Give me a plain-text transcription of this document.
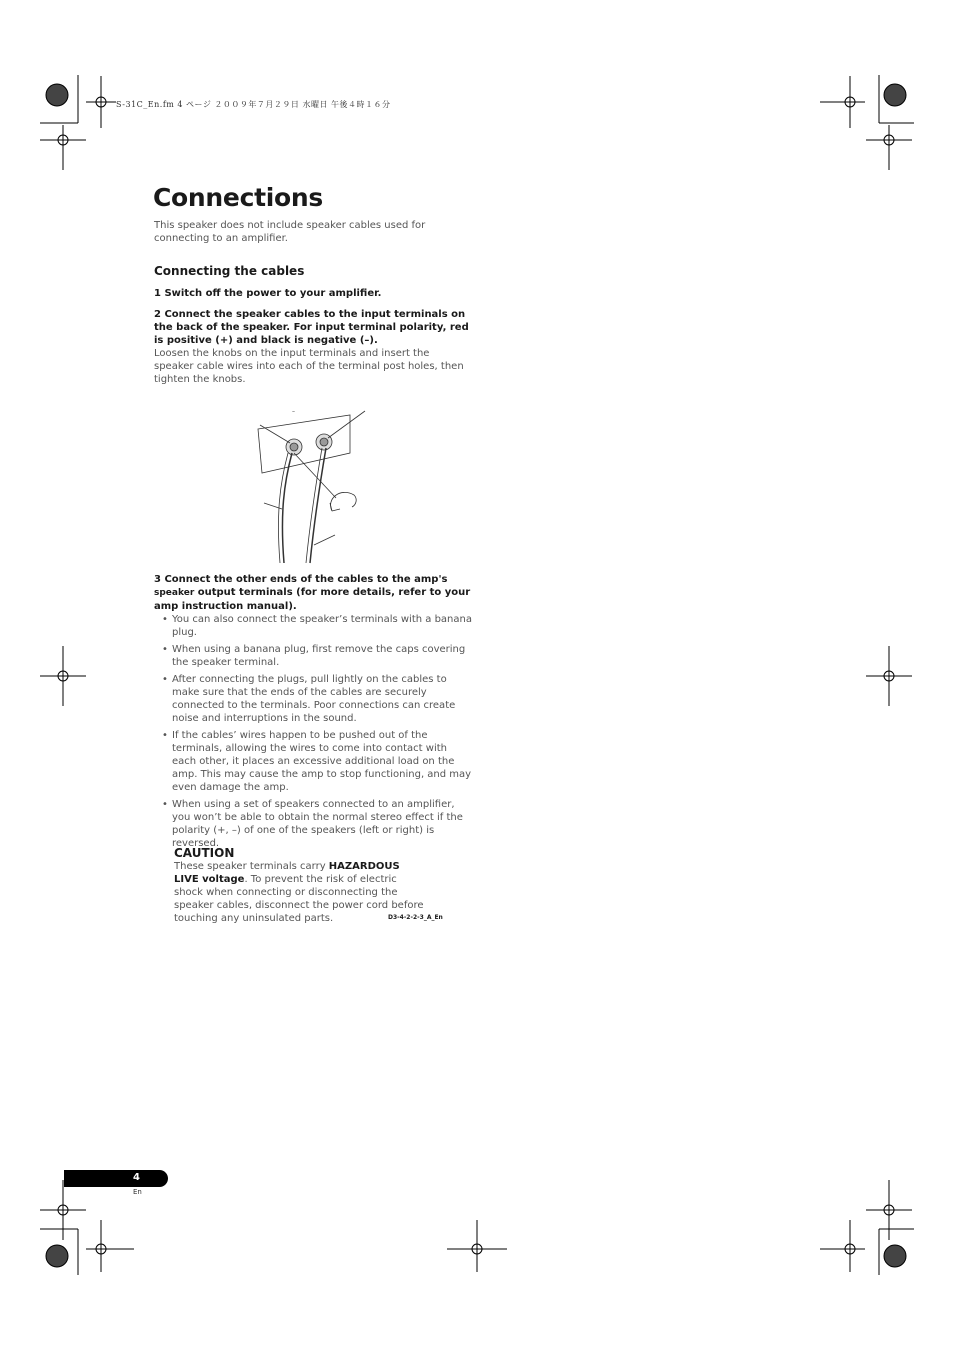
S-31C_En.fm 4 ページ ２００９年７月２９日 水曜日 午後４時１６分
Connections
This speaker does not include speaker cables used for connecting to an amplifier.
Connecting the cables
1 Switch off the power to your amplifier.
2 Connect the speaker cables to the input terminals on the back of the speaker. For input terminal polarity, red is positive (+) and black is negative (–).
Loosen the knobs on the input terminals and insert the speaker cable wires into each of the terminal post holes, then tighten the knobs.
–
3 Connect the other ends of the cables to the amp's speaker output terminals (for more details, refer to your amp instruction manual).
• You can also connect the speaker’s terminals with a banana plug.
• When using a banana plug, first remove the caps covering the speaker terminal.
• After connecting the plugs, pull lightly on the cables to make sure that the ends of the cables are securely connected to the terminals. Poor connections can create noise and interruptions in the sound.
• If the cables’ wires happen to be pushed out of the terminals, allowing the wires to come into contact with each other, it places an excessive additional load on the amp. This may cause the amp to stop functioning, and may even damage the amp.
• When using a set of speakers connected to an amplifier, you won’t be able to obtain the normal stereo effect if the polarity (+, –) of one of the speakers (left or right) is reversed.
CAUTION
These speaker terminals carry HAZARDOUS LIVE voltage. To prevent the risk of electric shock when connecting or disconnecting the speaker cables, disconnect the power cord before touching any uninsulated parts.	D3-4-2-2-3_A_En
4
En
